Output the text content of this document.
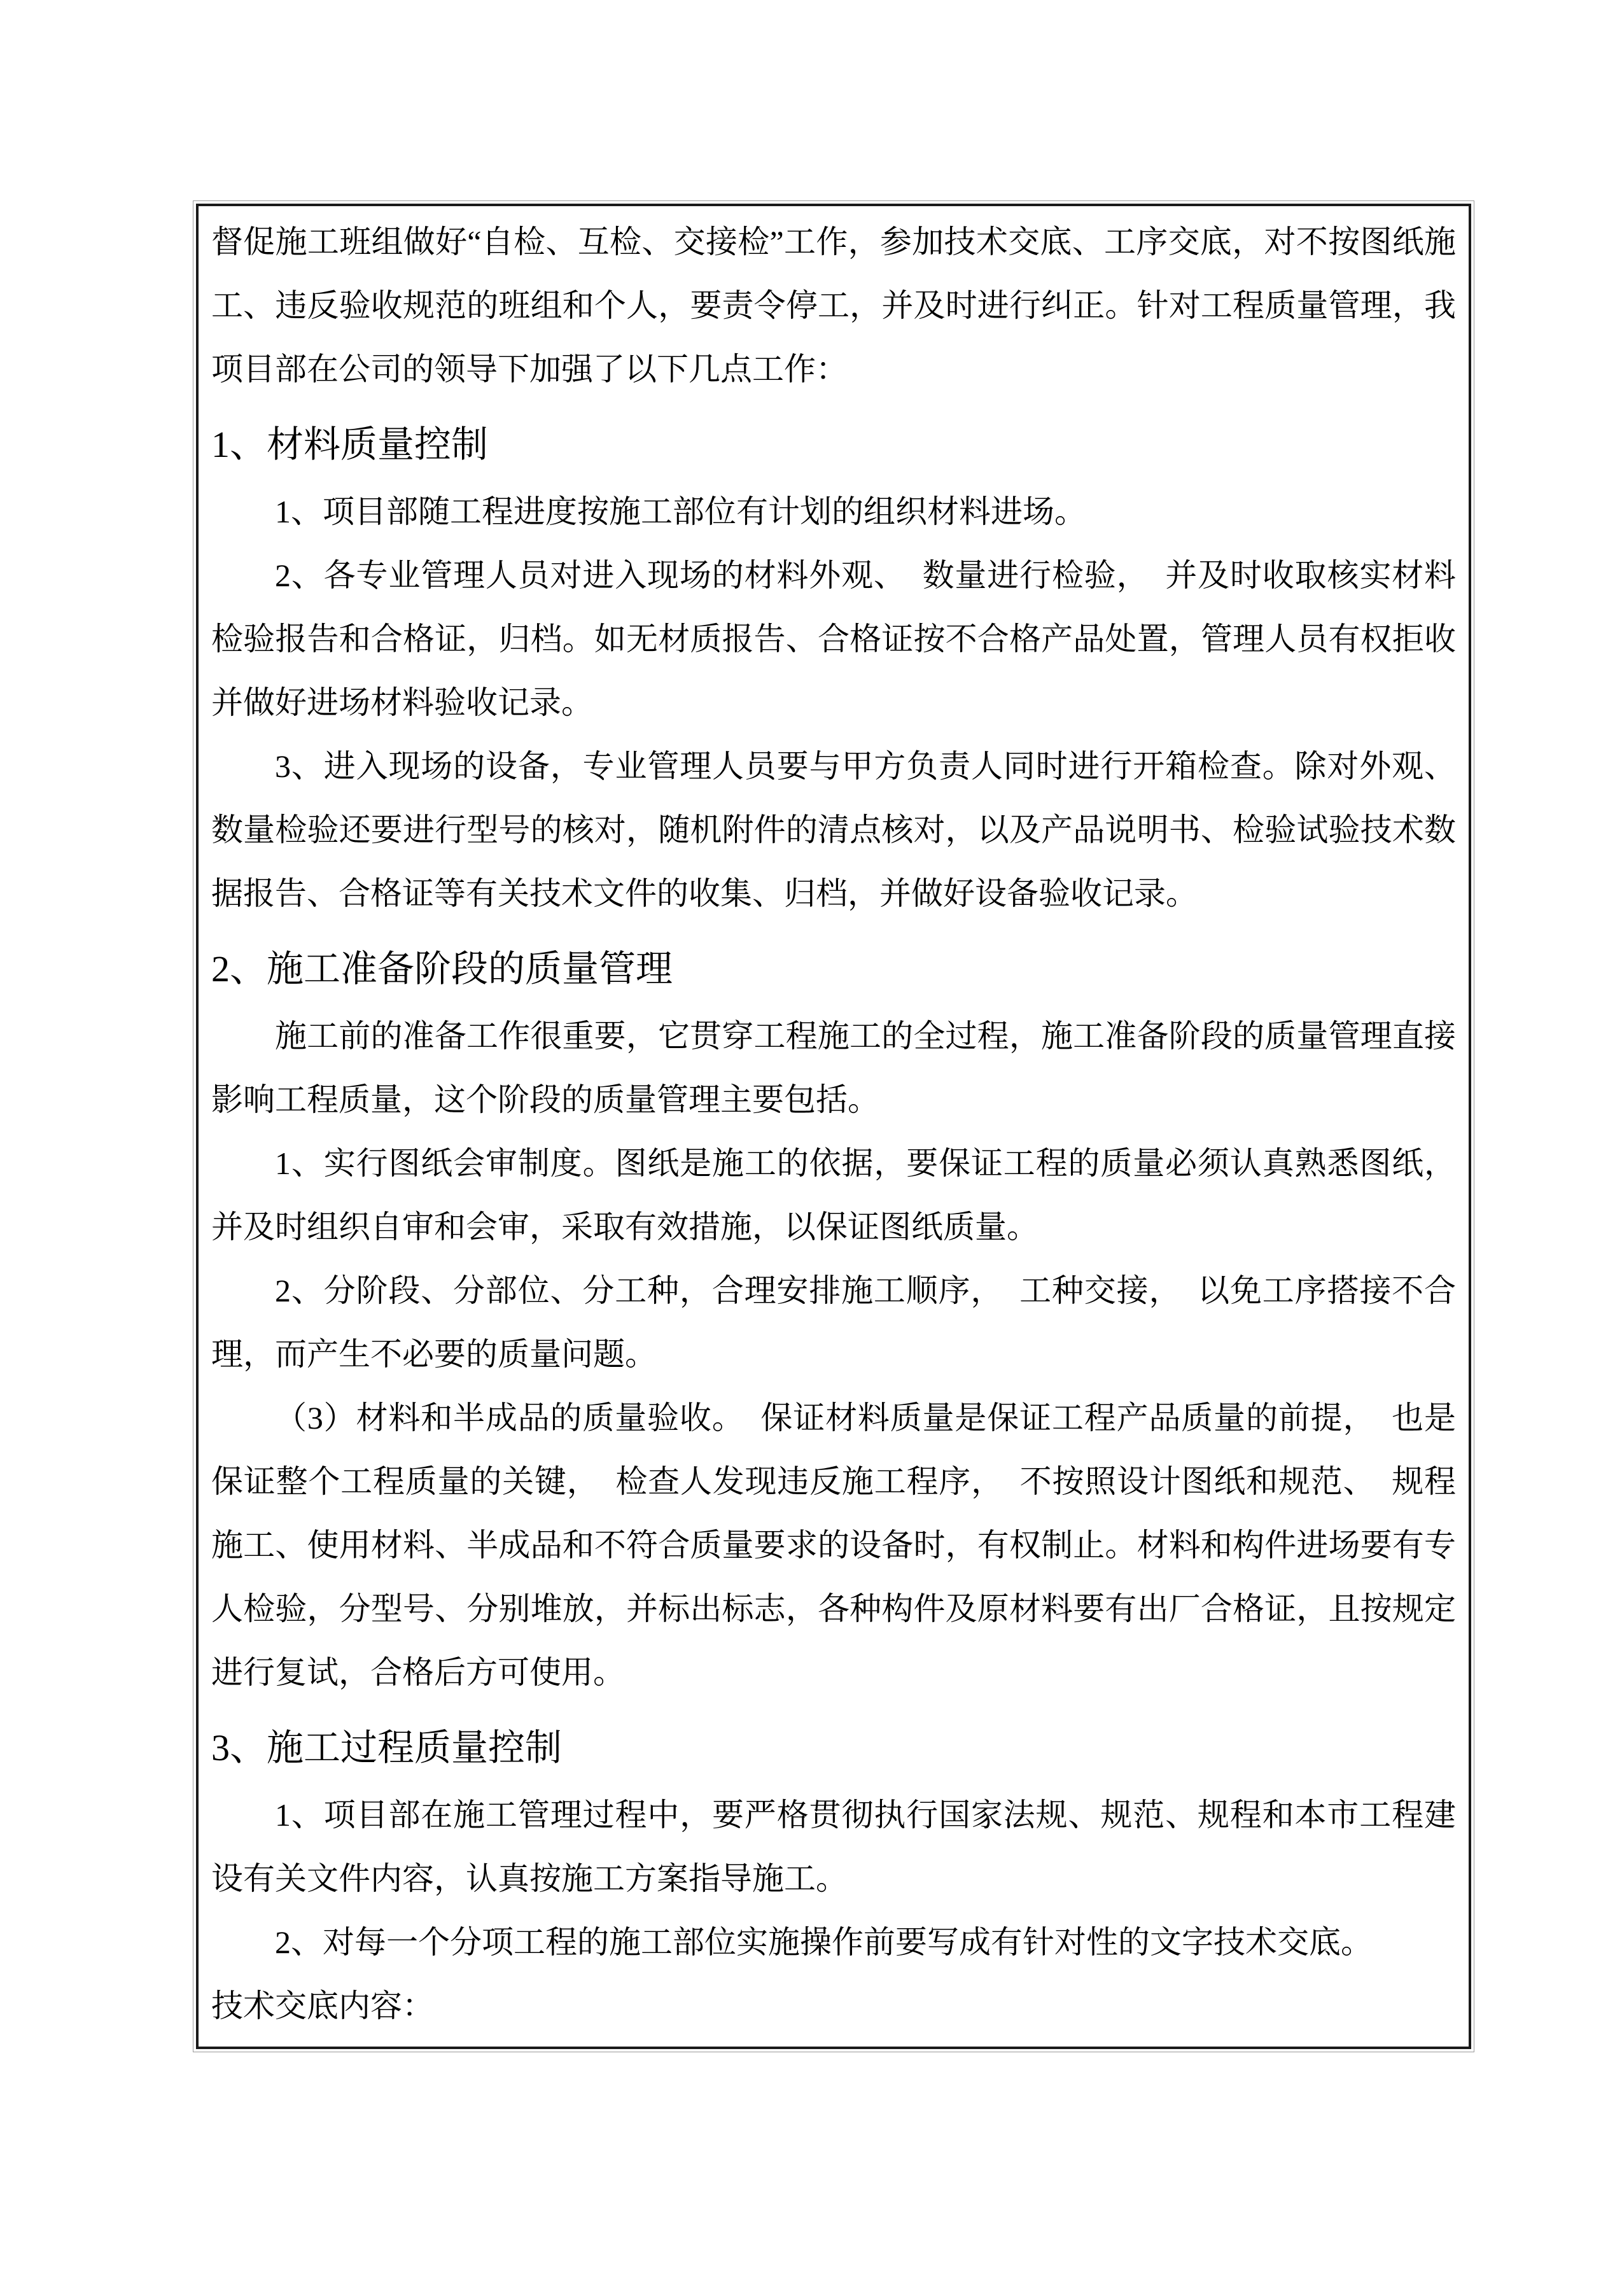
督促施工班组做好“自检、互检、交接检”工作，参加技术交底、工序交底，对不按图纸施工、违反验收规范的班组和个人，要责令停工，并及时进行纠正。针对工程质量管理，我项目部在公司的领导下加强了以下几点工作：

1、材料质量控制

1、项目部随工程进度按施工部位有计划的组织材料进场。

2、各专业管理人员对进入现场的材料外观、　数量进行检验，　并及时收取核实材料检验报告和合格证，归档。如无材质报告、合格证按不合格产品处置，管理人员有权拒收并做好进场材料验收记录。

3、进入现场的设备，专业管理人员要与甲方负责人同时进行开箱检查。除对外观、数量检验还要进行型号的核对，随机附件的清点核对，以及产品说明书、检验试验技术数据报告、合格证等有关技术文件的收集、归档，并做好设备验收记录。

2、施工准备阶段的质量管理

施工前的准备工作很重要，它贯穿工程施工的全过程，施工准备阶段的质量管理直接影响工程质量，这个阶段的质量管理主要包括。

1、实行图纸会审制度。图纸是施工的依据，要保证工程的质量必须认真熟悉图纸，并及时组织自审和会审，采取有效措施，以保证图纸质量。

2、分阶段、分部位、分工种，合理安排施工顺序，　工种交接，　以免工序搭接不合理，而产生不必要的质量问题。

（3）材料和半成品的质量验收。　保证材料质量是保证工程产品质量的前提，　也是保证整个工程质量的关键，　检查人发现违反施工程序，　不按照设计图纸和规范、　规程施工、使用材料、半成品和不符合质量要求的设备时，有权制止。材料和构件进场要有专人检验，分型号、分别堆放，并标出标志，各种构件及原材料要有出厂合格证，且按规定进行复试，合格后方可使用。

3、施工过程质量控制

1、项目部在施工管理过程中，要严格贯彻执行国家法规、规范、规程和本市工程建设有关文件内容，认真按施工方案指导施工。

2、对每一个分项工程的施工部位实施操作前要写成有针对性的文字技术交底。

技术交底内容：
